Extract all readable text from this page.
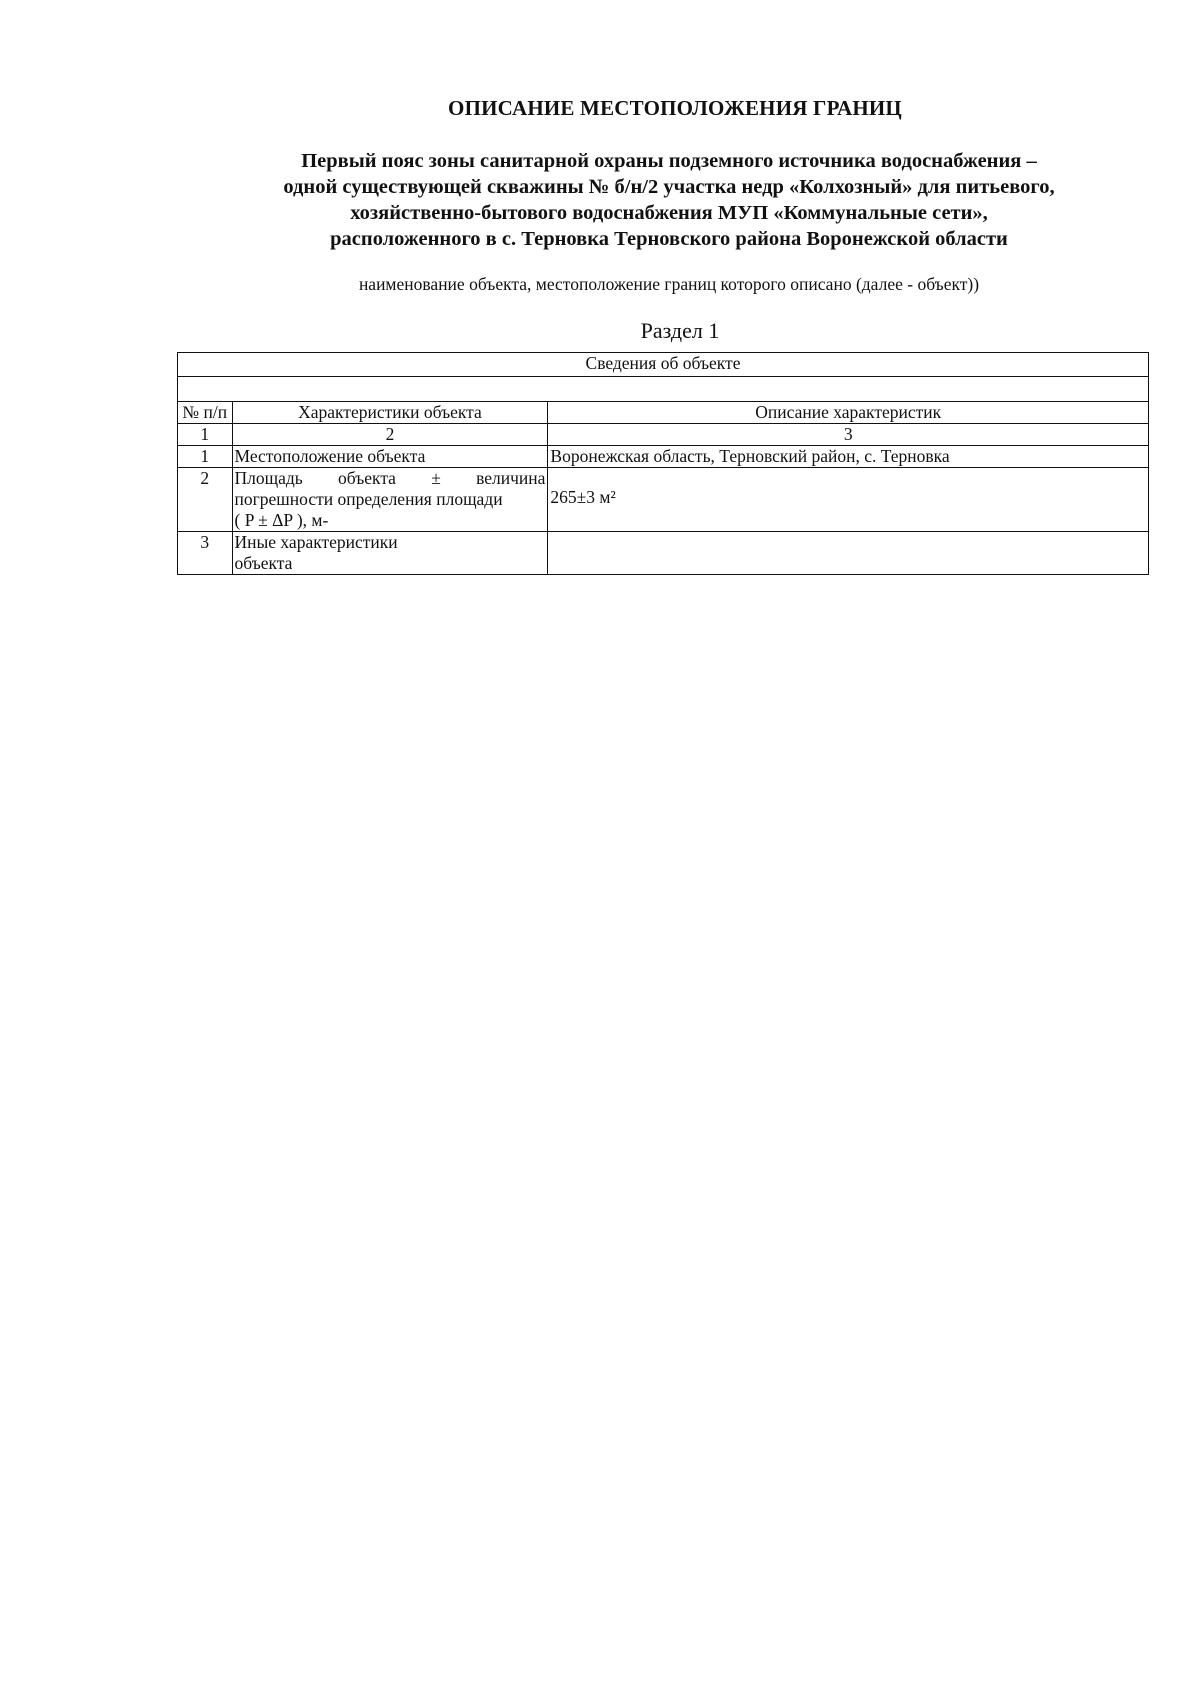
ОПИСАНИЕ МЕСТОПОЛОЖЕНИЯ ГРАНИЦ
Первый пояс зоны санитарной охраны подземного источника водоснабжения –
одной существующей скважины № б/н/2 участка недр «Колхозный» для питьевого,
хозяйственно-бытового водоснабжения МУП «Коммунальные сети»,
расположенного в с. Терновка Терновского района Воронежской области
наименование объекта, местоположение границ которого описано (далее - объект))
Раздел 1
Сведения об объекте		

№ п/п	Характеристики объекта	Описание характеристик
1	2	3
1	Местоположение объекта	Воронежская область, Терновский район, с. Терновка
2	Площадь объекта ± величина
погрешности определения площади
( P ± ΔP ), м-	265±3 м²
3	Иные характеристики
объекта	
